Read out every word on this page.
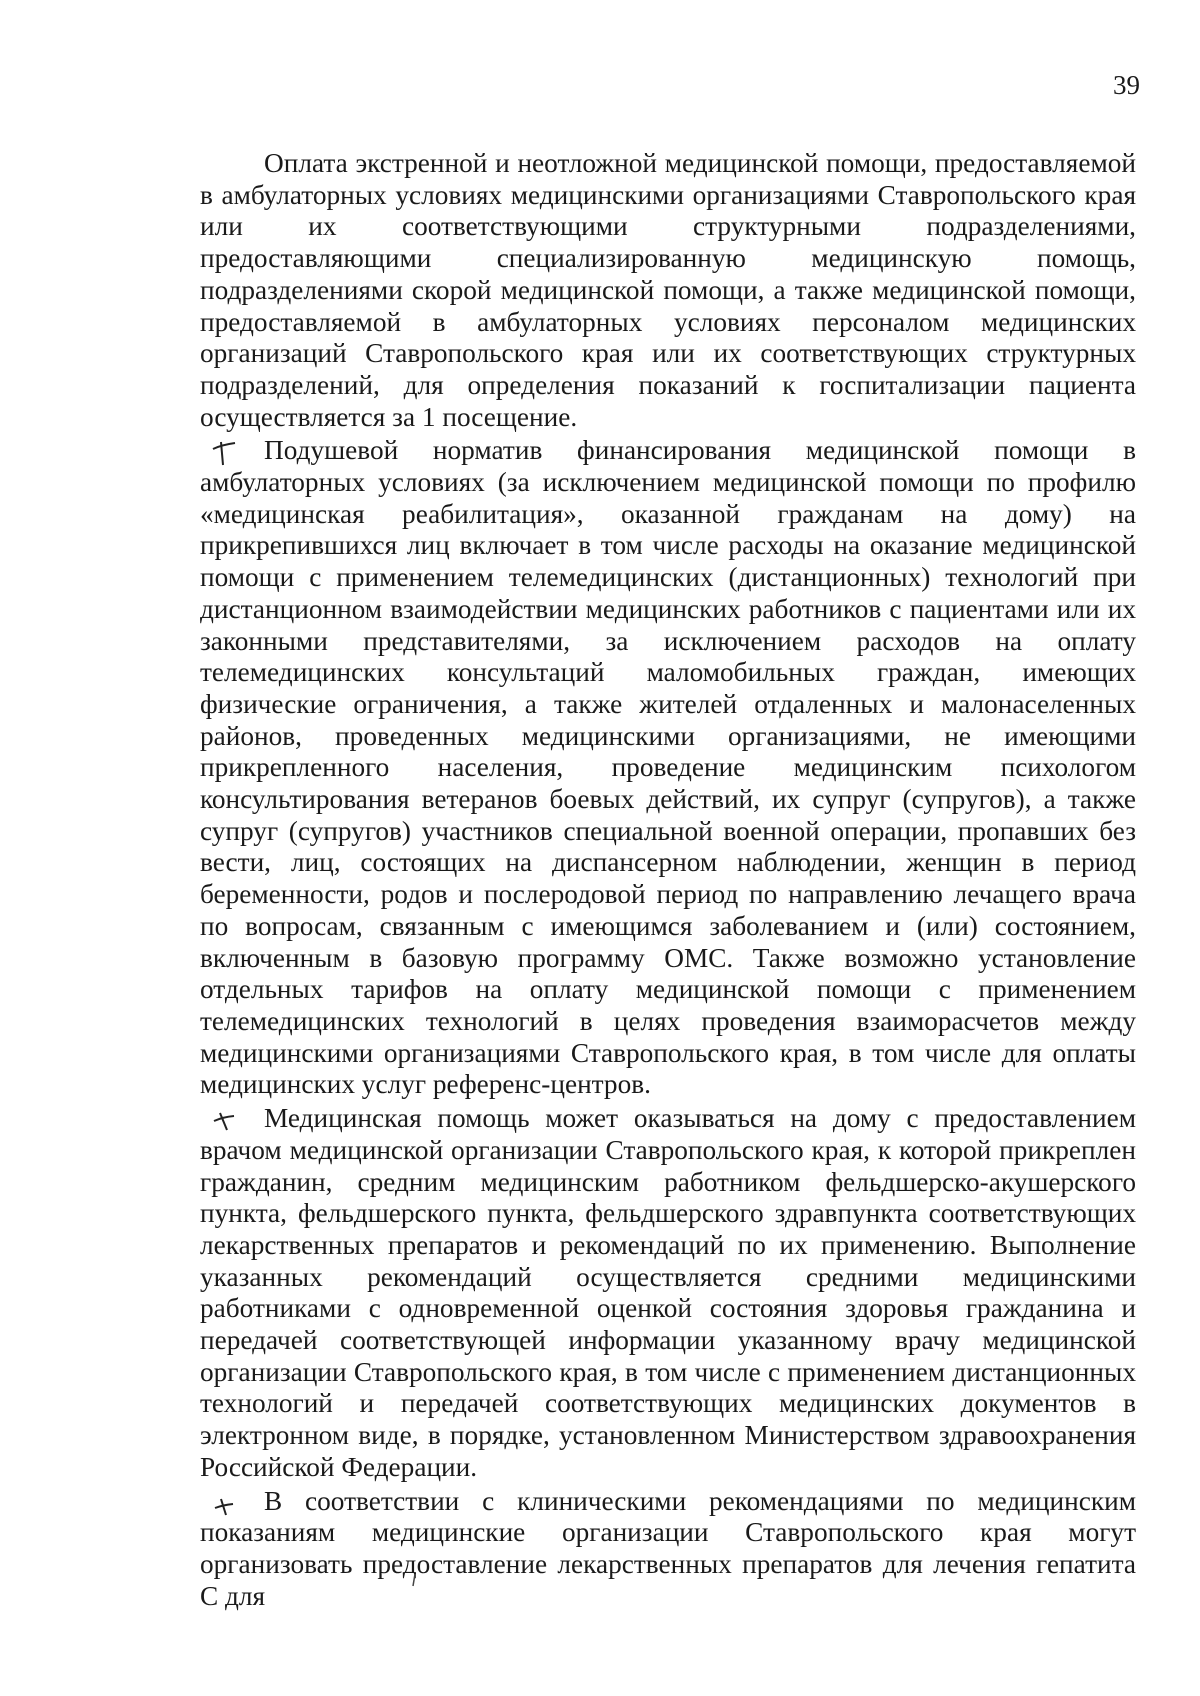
39

Оплата экстренной и неотложной медицинской помощи, предоставляемой в амбулаторных условиях медицинскими организациями Ставропольского края или их соответствующими структурными подразделениями, предоставляющими специализированную медицинскую помощь, подразделениями скорой медицинской помощи, а также медицинской помощи, предоставляемой в амбулаторных условиях персоналом медицинских организаций Ставропольского края или их соответствующих структурных подразделений, для определения показаний к госпитализации пациента осуществляется за 1 посещение.

Подушевой норматив финансирования медицинской помощи в амбулаторных условиях (за исключением медицинской помощи по профилю «медицинская реабилитация», оказанной гражданам на дому) на прикрепившихся лиц включает в том числе расходы на оказание медицинской помощи с применением телемедицинских (дистанционных) технологий при дистанционном взаимодействии медицинских работников с пациентами или их законными представителями, за исключением расходов на оплату телемедицинских консультаций маломобильных граждан, имеющих физические ограничения, а также жителей отдаленных и малонаселенных районов, проведенных медицинскими организациями, не имеющими прикрепленного населения, проведение медицинским психологом консультирования ветеранов боевых действий, их супруг (супругов), а также супруг (супругов) участников специальной военной операции, пропавших без вести, лиц, состоящих на диспансерном наблюдении, женщин в период беременности, родов и послеродовой период по направлению лечащего врача по вопросам, связанным с имеющимся заболеванием и (или) состоянием, включенным в базовую программу ОМС. Также возможно установление отдельных тарифов на оплату медицинской помощи с применением телемедицинских технологий в целях проведения взаиморасчетов между медицинскими организациями Ставропольского края, в том числе для оплаты медицинских услуг референс-центров.

Медицинская помощь может оказываться на дому с предоставлением врачом медицинской организации Ставропольского края, к которой прикреплен гражданин, средним медицинским работником фельдшерско-акушерского пункта, фельдшерского пункта, фельдшерского здравпункта соответствующих лекарственных препаратов и рекомендаций по их применению. Выполнение указанных рекомендаций осуществляется средними медицинскими работниками с одновременной оценкой состояния здоровья гражданина и передачей соответствующей информации указанному врачу медицинской организации Ставропольского края, в том числе с применением дистанционных технологий и передачей соответствующих медицинских документов в электронном виде, в порядке, установленном Министерством здравоохранения Российской Федерации.

В соответствии с клиническими рекомендациями по медицинским показаниям медицинские организации Ставропольского края могут организовать предоставление лекарственных препаратов для лечения гепатита С для
